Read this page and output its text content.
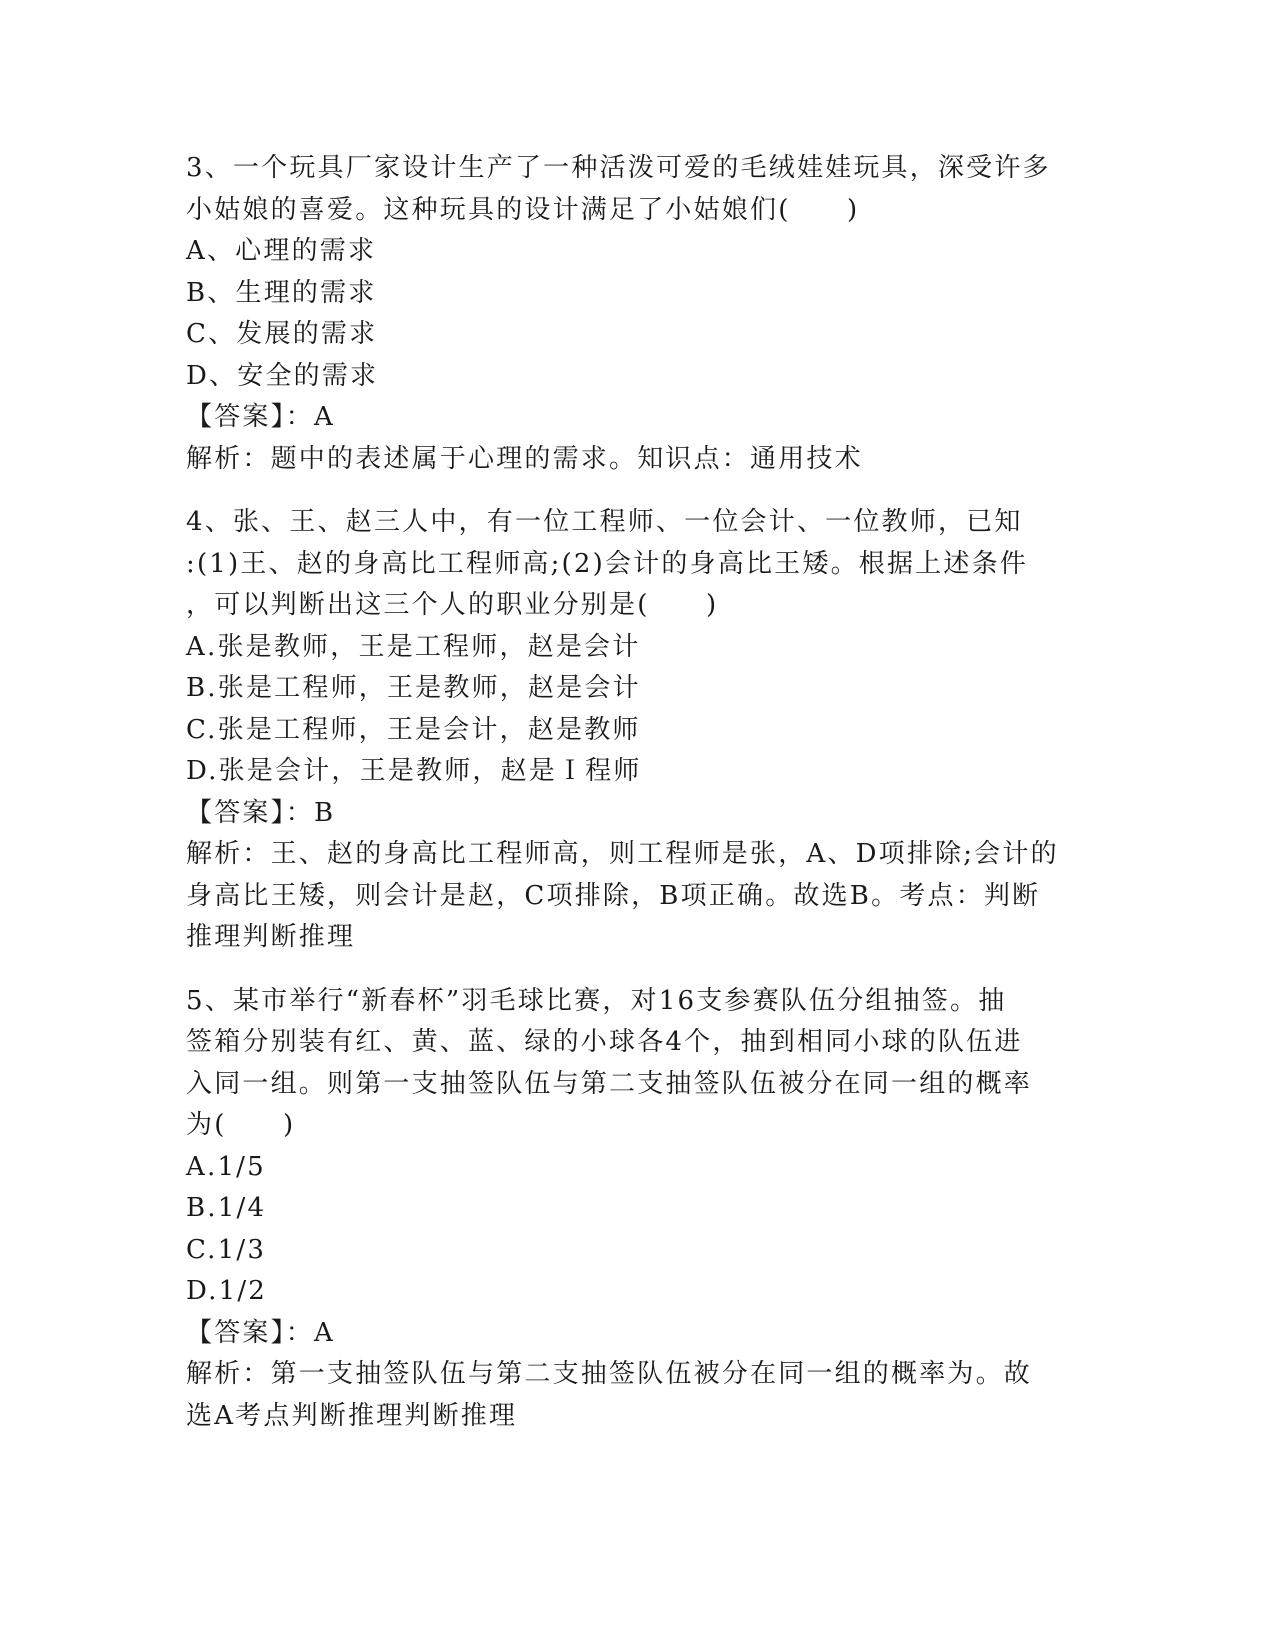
3、一个玩具厂家设计生产了一种活泼可爱的毛绒娃娃玩具，深受许多
小姑娘的喜爱。这种玩具的设计满足了小姑娘们(　　)
A、心理的需求
B、生理的需求
C、发展的需求
D、安全的需求
【答案】：A
解析：题中的表述属于心理的需求。知识点：通用技术
4、张、王、赵三人中，有一位工程师、一位会计、一位教师，已知
:(1)王、赵的身高比工程师高;(2)会计的身高比王矮。根据上述条件
，可以判断出这三个人的职业分别是(　　)
A.张是教师，王是工程师，赵是会计
B.张是工程师，王是教师，赵是会计
C.张是工程师，王是会计，赵是教师
D.张是会计，王是教师，赵是Ｉ程师
【答案】：B
解析：王、赵的身高比工程师高，则工程师是张，A、D项排除;会计的
身高比王矮，则会计是赵，C项排除，B项正确。故选B。考点：判断
推理判断推理
5、某市举行“新春杯”羽毛球比赛，对16支参赛队伍分组抽签。抽
签箱分别装有红、黄、蓝、绿的小球各4个，抽到相同小球的队伍进
入同一组。则第一支抽签队伍与第二支抽签队伍被分在同一组的概率
为(　　)
A.1/5
B.1/4
C.1/3
D.1/2
【答案】：A
解析：第一支抽签队伍与第二支抽签队伍被分在同一组的概率为。故
选A考点判断推理判断推理
